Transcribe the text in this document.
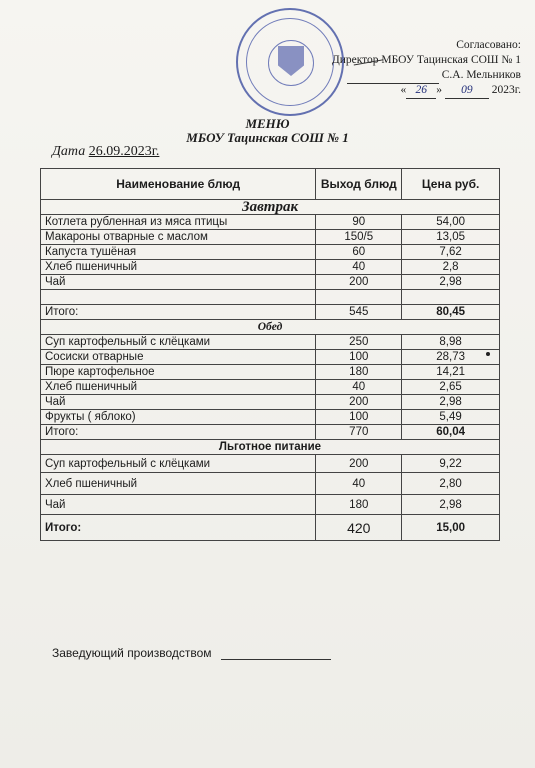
Согласовано:
Директор МБОУ Тацинская СОШ № 1
С.А. Мельников
« 26 » 09 2023г.
МЕНЮ
МБОУ Тацинская СОШ № 1
Дата 26.09.2023г.
Наименование блюд	Выход блюд	Цена руб.
Завтрак		
Котлета рубленная из мяса птицы	90	54,00
Макароны отварные с маслом	150/5	13,05
Капуста тушёная	60	7,62
Хлеб пшеничный	40	2,8
Чай	200	2,98

Итого:	545	80,45
Обед		
Суп картофельный с клёцками	250	8,98
Сосиски отварные	100	28,73
Пюре картофельное	180	14,21
Хлеб пшеничный	40	2,65
Чай	200	2,98
Фрукты ( яблоко)	100	5,49
Итого:	770	60,04
Льготное питание		
Суп картофельный с клёцками	200	9,22
Хлеб пшеничный	40	2,80
Чай	180	2,98
Итого:	420	15,00
Заведующий производством
